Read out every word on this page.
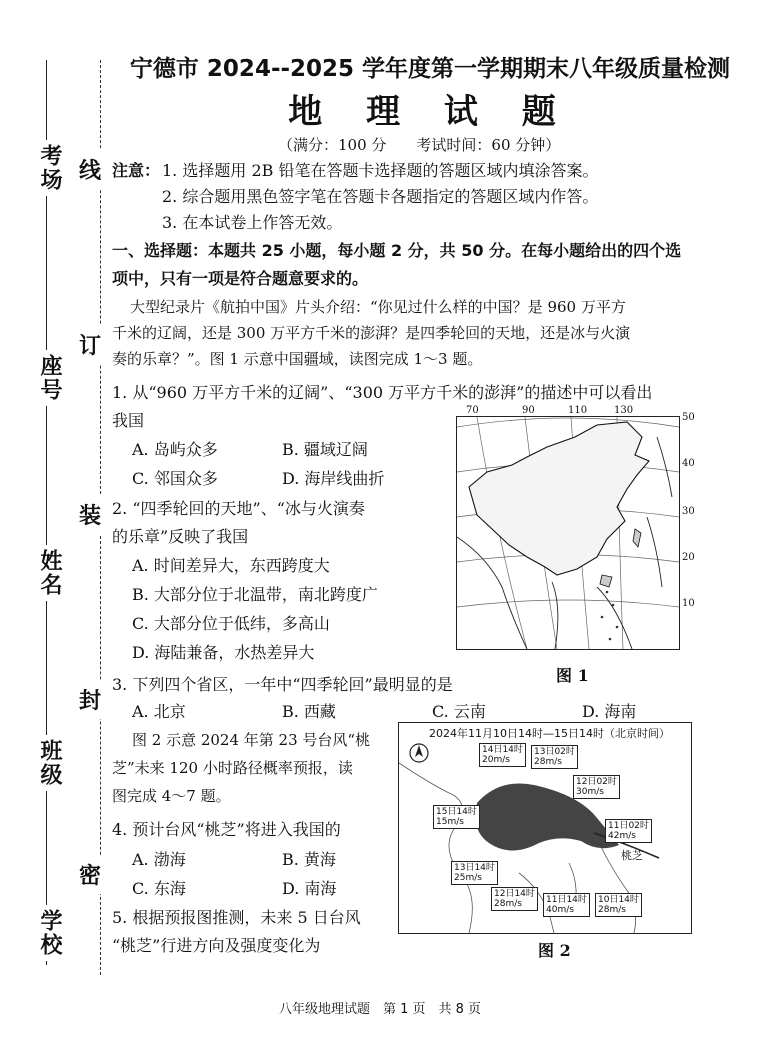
考场
座号
姓名
班级
学校
线
订
装
封
密
宁德市 2024--2025 学年度第一学期期末八年级质量检测
地 理 试 题
（满分：100 分　　考试时间：60 分钟）
注意： 1. 选择题用 2B 铅笔在答题卡选择题的答题区域内填涂答案。
2. 综合题用黑色签字笔在答题卡各题指定的答题区域内作答。
3. 在本试卷上作答无效。
一、选择题：本题共 25 小题，每小题 2 分，共 50 分。在每小题给出的四个选
项中，只有一项是符合题意要求的。
大型纪录片《航拍中国》片头介绍：“你见过什么样的中国？是 960 万平方
千米的辽阔，还是 300 万平方千米的澎湃？是四季轮回的天地，还是冰与火演
奏的乐章？”。图 1 示意中国疆域，读图完成 1～3 题。
1. 从“960 万平方千米的辽阔”、“300 万平方千米的澎湃”的描述中可以看出
我国
A. 岛屿众多	B. 疆域辽阔
C. 邻国众多	D. 海岸线曲折
2. “四季轮回的天地”、“冰与火演奏
的乐章”反映了我国
A. 时间差异大，东西跨度大
B. 大部分位于北温带，南北跨度广
C. 大部分位于低纬，多高山
D. 海陆兼备，水热差异大
3. 下列四个省区，一年中“四季轮回”最明显的是
A. 北京	B. 西藏	C. 云南	D. 海南
图 2 示意 2024 年第 23 号台风“桃
芝”未来 120 小时路径概率预报，读
图完成 4～7 题。
4. 预计台风“桃芝”将进入我国的
A. 渤海	B. 黄海
C. 东海	D. 南海
5. 根据预报图推测，未来 5 日台风
“桃芝”行进方向及强度变化为
70	90	110	130
50
40
30
20
10
图 1
2024年11月10日14时—15日14时（北京时间）
桃芝
14日14时
20m/s
13日02时
28m/s
12日02时
30m/s
15日14时
15m/s	11日02时
42m/s
13日14时
25m/s
12日14时
28m/s	11日14时
40m/s
10日14时
28m/s
图 2
八年级地理试题　第 1 页　共 8 页
